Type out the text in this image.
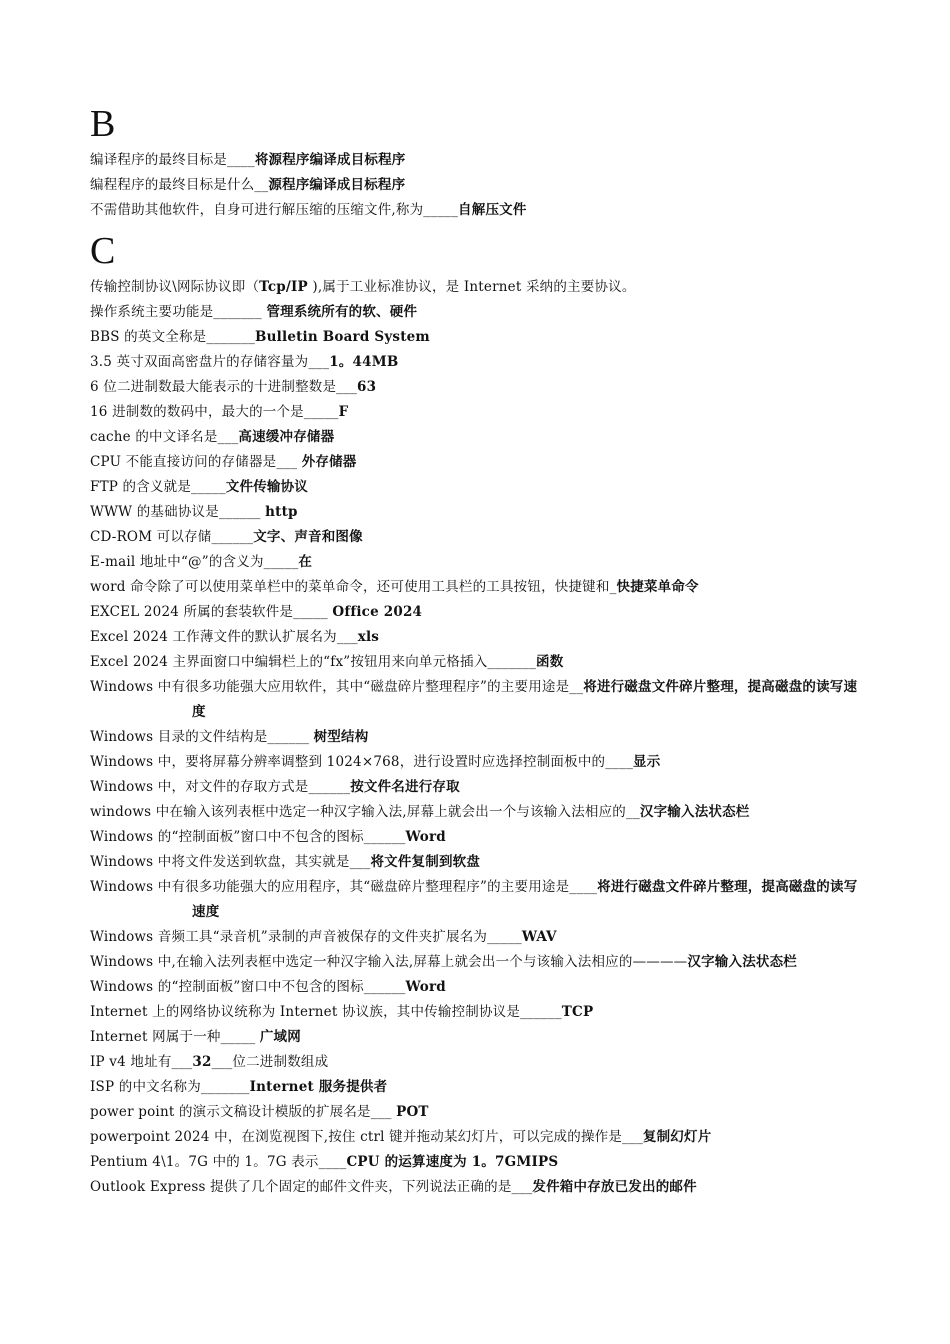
B
编译程序的最终目标是____将源程序编译成目标程序
编程程序的最终目标是什么__源程序编译成目标程序
不需借助其他软件，自身可进行解压缩的压缩文件,称为_____自解压文件
C
传输控制协议\网际协议即（Tcp/IP ),属于工业标准协议，是 Internet 采纳的主要协议。
操作系统主要功能是_______ 管理系统所有的软、硬件
BBS 的英文全称是_______Bulletin Board System
3.5 英寸双面高密盘片的存储容量为___1。44MB
6 位二进制数最大能表示的十进制整数是___63
16 进制数的数码中，最大的一个是_____F
cache 的中文译名是___高速缓冲存储器
CPU 不能直接访问的存储器是___ 外存储器
FTP 的含义就是_____文件传输协议
WWW 的基础协议是______ http
CD-ROM 可以存储______文字、声音和图像
E-mail 地址中“@”的含义为_____在
word 命令除了可以使用菜单栏中的菜单命令，还可使用工具栏的工具按钮，快捷键和_快捷菜单命令
EXCEL 2024 所属的套装软件是_____ Office 2024
Excel 2024 工作薄文件的默认扩展名为___xls
Excel 2024 主界面窗口中编辑栏上的“fx”按钮用来向单元格插入_______函数
Windows 中有很多功能强大应用软件，其中“磁盘碎片整理程序”的主要用途是__将进行磁盘文件碎片整理，提高磁盘的读写速度
Windows 目录的文件结构是______ 树型结构
Windows 中，要将屏幕分辨率调整到 1024×768，进行设置时应选择控制面板中的____显示
Windows 中，对文件的存取方式是______按文件名进行存取
windows 中在输入该列表框中选定一种汉字输入法,屏幕上就会出一个与该输入法相应的__汉字输入法状态栏
Windows 的“控制面板”窗口中不包含的图标______Word
Windows 中将文件发送到软盘，其实就是___将文件复制到软盘
Windows 中有很多功能强大的应用程序，其“磁盘碎片整理程序”的主要用途是____将进行磁盘文件碎片整理，提高磁盘的读写速度
Windows 音频工具“录音机”录制的声音被保存的文件夹扩展名为_____WAV
Windows 中,在输入法列表框中选定一种汉字输入法,屏幕上就会出一个与该输入法相应的————汉字输入法状态栏
Windows 的“控制面板”窗口中不包含的图标______Word
Internet 上的网络协议统称为 Internet 协议族，其中传输控制协议是______TCP
Internet 网属于一种_____ 广域网
IP v4 地址有___32___位二进制数组成
ISP 的中文名称为_______Internet 服务提供者
power point 的演示文稿设计模版的扩展名是___ POT
powerpoint 2024 中，在浏览视图下,按住 ctrl 键并拖动某幻灯片，可以完成的操作是___复制幻灯片
Pentium 4\1。7G 中的 1。7G 表示____CPU 的运算速度为 1。7GMIPS
Outlook Express 提供了几个固定的邮件文件夹，下列说法正确的是___发件箱中存放已发出的邮件
